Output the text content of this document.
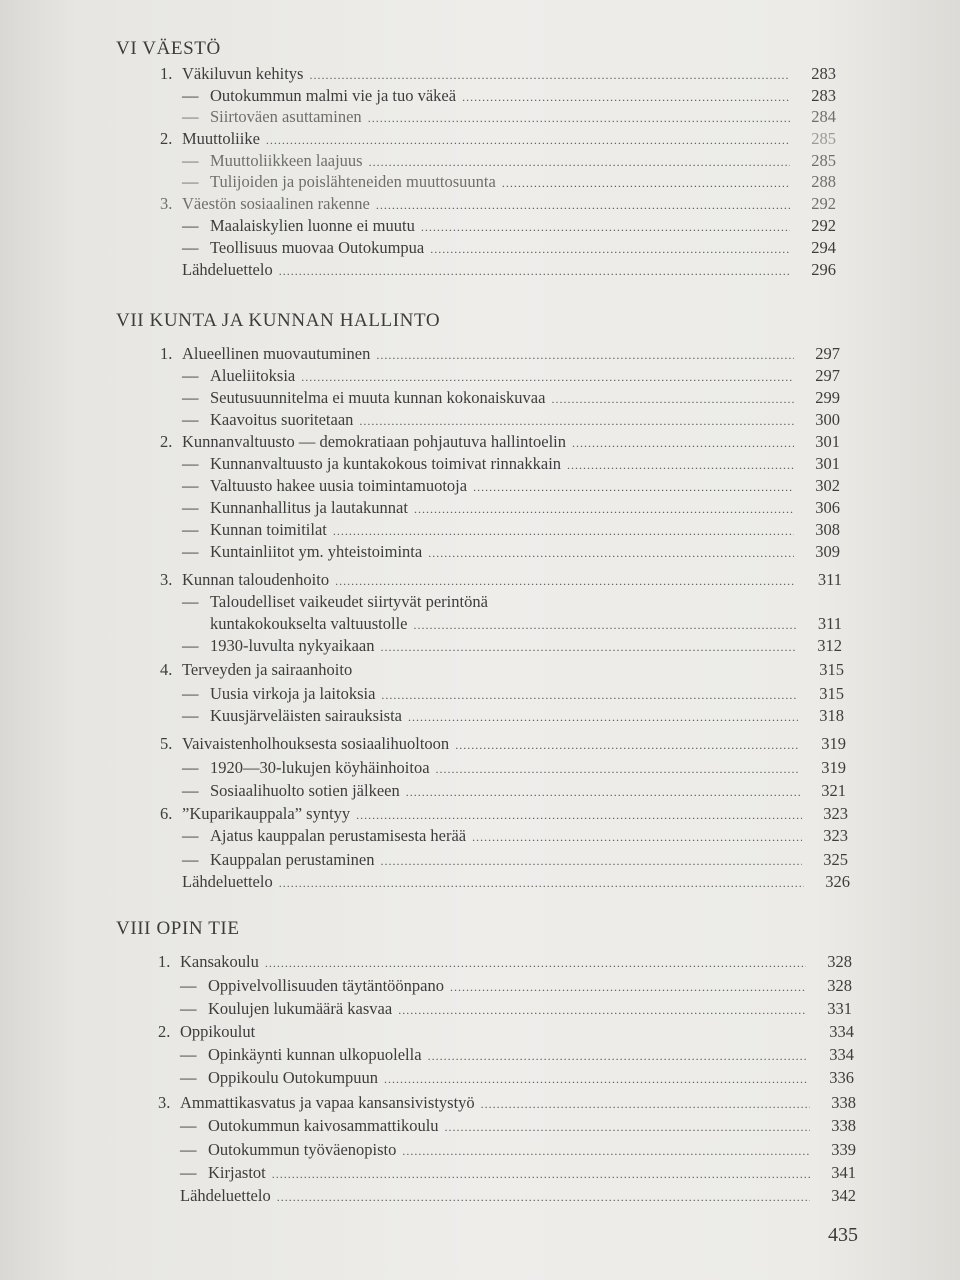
VI VÄESTÖ
1. Väkiluvun kehitys .....	283
— Outokummun malmi vie ja tuo väkeä .....	283
— Siirtoväen asuttaminen .....	284
2. Muuttoliike .....	285
— Muuttoliikkeen laajuus .....	285
— Tulijoiden ja poislähteneiden muuttosuunta .....	288
3. Väestön sosiaalinen rakenne .....	292
— Maalaiskylien luonne ei muutu .....	292
— Teollisuus muovaa Outokumpua .....	294
Lähdeluettelo .....	296
VII KUNTA JA KUNNAN HALLINTO
1. Alueellinen muovautuminen .....	297
— Alueliitoksia .....	297
— Seutusuunnitelma ei muuta kunnan kokonaiskuvaa .....	299
— Kaavoitus suoritetaan .....	300
2. Kunnanvaltuusto — demokratiaan pohjautuva hallintoelin .....	301
— Kunnanvaltuusto ja kuntakokous toimivat rinnakkain .....	301
— Valtuusto hakee uusia toimintamuotoja .....	302
— Kunnanhallitus ja lautakunnat .....	306
— Kunnan toimitilat .....	308
— Kuntainliitot ym. yhteistoiminta .....	309
3. Kunnan taloudenhoito .....	311
— Taloudelliset vaikeudet siirtyvät perintönä
kuntakokoukselta valtuustolle .....	311
— 1930-luvulta nykyaikaan .....	312
4. Terveyden ja sairaanhoito	315
— Uusia virkoja ja laitoksia .....	315
— Kuusjärveläisten sairauksista .....	318
5. Vaivaistenholhouksesta sosiaalihuoltoon .....	319
— 1920—30-lukujen köyhäinhoitoa .....	319
— Sosiaalihuolto sotien jälkeen .....	321
6. ”Kuparikauppala” syntyy .....	323
— Ajatus kauppalan perustamisesta herää .....	323
— Kauppalan perustaminen .....	325
Lähdeluettelo .....	326
VIII OPIN TIE
1. Kansakoulu .....	328
— Oppivelvollisuuden täytäntöönpano .....	328
— Koulujen lukumäärä kasvaa .....	331
2. Oppikoulut	334
— Opinkäynti kunnan ulkopuolella .....	334
— Oppikoulu Outokumpuun .....	336
3. Ammattikasvatus ja vapaa kansansivistystyö .....	338
— Outokummun kaivosammattikoulu .....	338
— Outokummun työväenopisto .....	339
— Kirjastot .....	341
Lähdeluettelo .....	342
435
